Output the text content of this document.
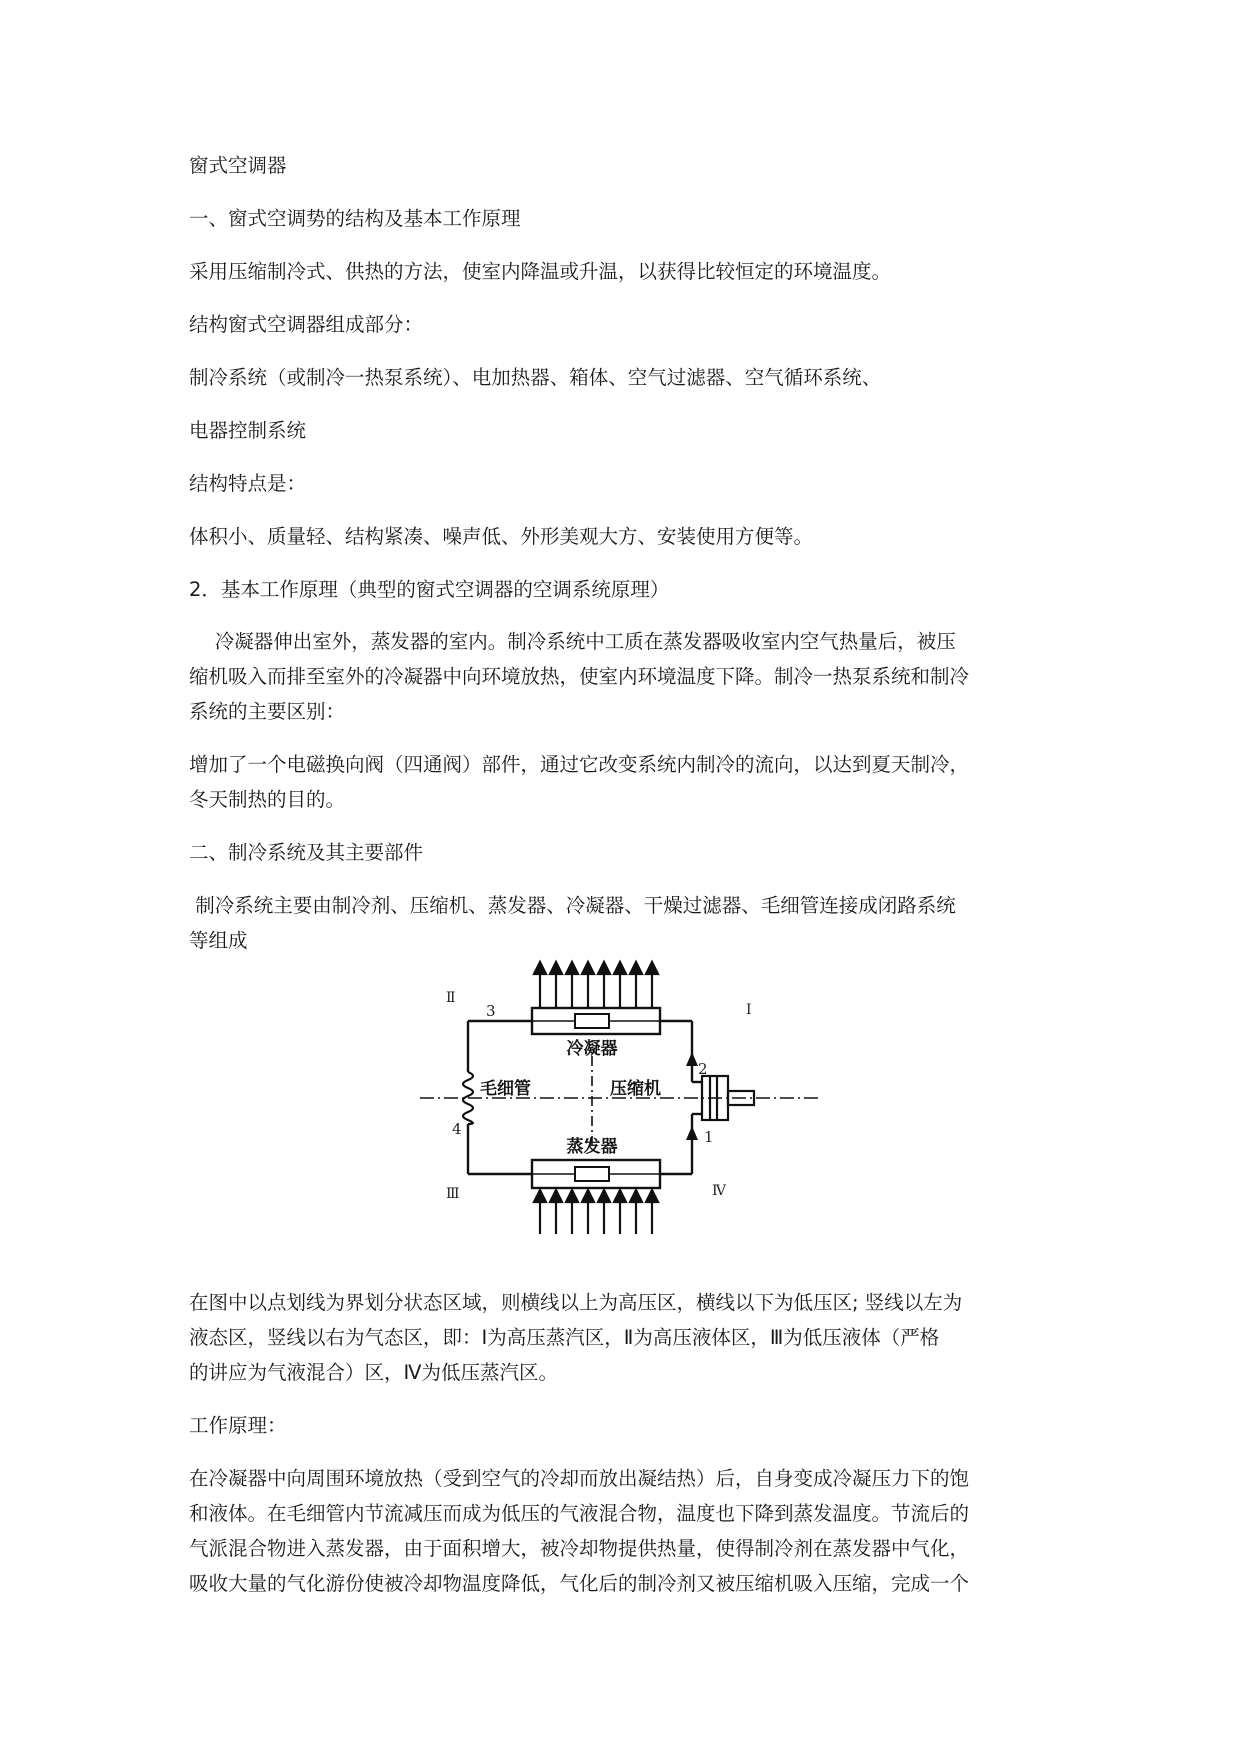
窗式空调器

一、窗式空调势的结构及基本工作原理

采用压缩制冷式、供热的方法，使室内降温或升温，以获得比较恒定的环境温度。

结构窗式空调器组成部分：

制冷系统（或制冷一热泵系统）、电加热器、箱体、空气过滤器、空气循环系统、

电器控制系统

结构特点是：

体积小、质量轻、结构紧凑、噪声低、外形美观大方、安装使用方便等。

2．基本工作原理（典型的窗式空调器的空调系统原理）

　 冷凝器伸出室外，蒸发器的室内。制冷系统中工质在蒸发器吸收室内空气热量后，被压

缩机吸入而排至室外的冷凝器中向环境放热，使室内环境温度下降。制冷一热泵系统和制冷

系统的主要区别：

增加了一个电磁换向阀（四通阀）部件，通过它改变系统内制冷的流向，以达到夏天制冷，

冬天制热的目的。

二、制冷系统及其主要部件

制冷系统主要由制冷剂、压缩机、蒸发器、冷凝器、干燥过滤器、毛细管连接成闭路系统

等组成

冷凝器
毛细管	压缩机
蒸发器
Ⅱ
Ⅰ
Ⅲ	Ⅳ
3
2
4	1

在图中以点划线为界划分状态区域，则横线以上为高压区，横线以下为低压区; 竖线以左为

液态区，竖线以右为气态区，即：Ⅰ为高压蒸汽区，Ⅱ为高压液体区，Ⅲ为低压液体（严格

的讲应为气液混合）区，Ⅳ为低压蒸汽区。

工作原理：

在冷凝器中向周围环境放热（受到空气的冷却而放出凝结热）后，自身变成冷凝压力下的饱

和液体。在毛细管内节流减压而成为低压的气液混合物，温度也下降到蒸发温度。节流后的

气派混合物进入蒸发器，由于面积增大，被冷却物提供热量，使得制冷剂在蒸发器中气化，

吸收大量的气化游份使被冷却物温度降低，气化后的制冷剂又被压缩机吸入压缩，完成一个
